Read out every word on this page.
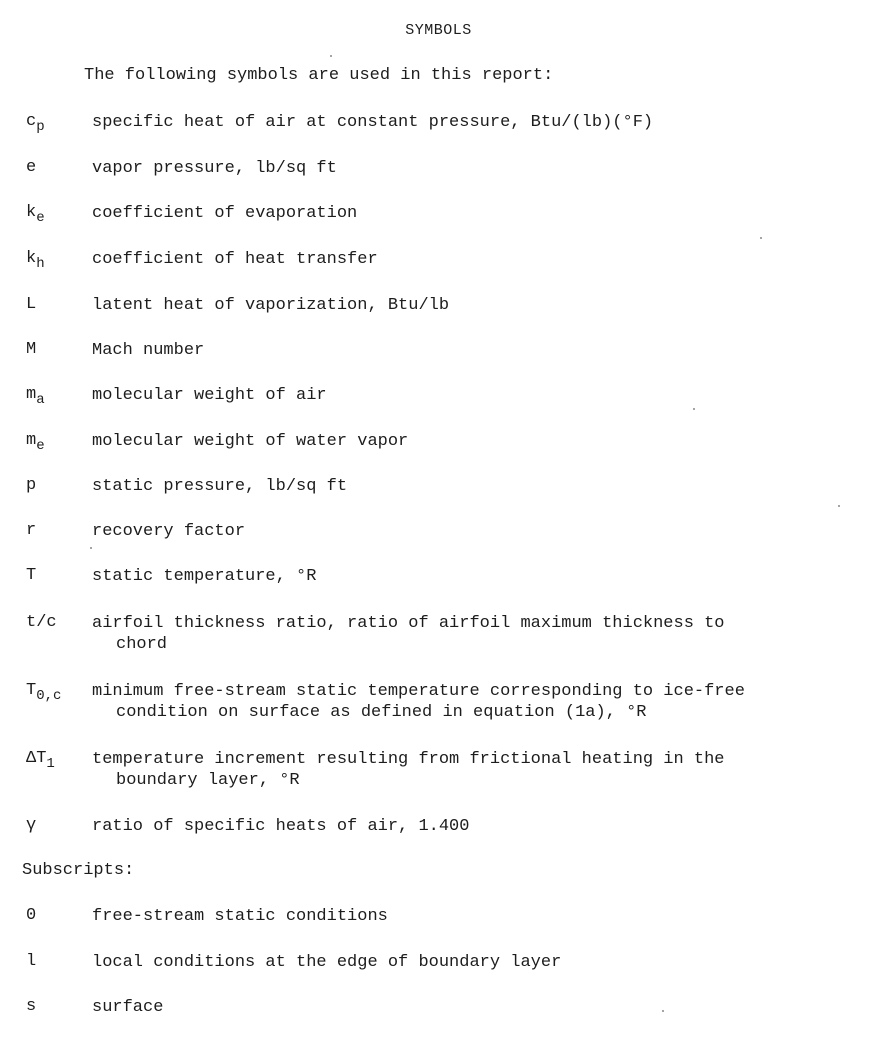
SYMBOLS
The following symbols are used in this report:
$c_p$	specific heat of air at constant pressure, Btu/(lb)(°F)
e	vapor pressure, lb/sq ft
$k_e$	coefficient of evaporation
$k_h$	coefficient of heat transfer
L	latent heat of vaporization, Btu/lb
M	Mach number
$m_a$	molecular weight of air
$m_e$	molecular weight of water vapor
p	static pressure, lb/sq ft
r	recovery factor
T	static temperature, °R
t/c airfoil thickness ratio, ratio of airfoil maximum thickness to
chord
$T_{0,c}$ minimum free-stream static temperature corresponding to ice-free
condition on surface as defined in equation (1a), °R
$\Delta T_1$ temperature increment resulting from frictional heating in the
boundary layer, °R
γ	ratio of specific heats of air, 1.400
Subscripts:
0	free-stream static conditions
l	local conditions at the edge of boundary layer
s	surface
